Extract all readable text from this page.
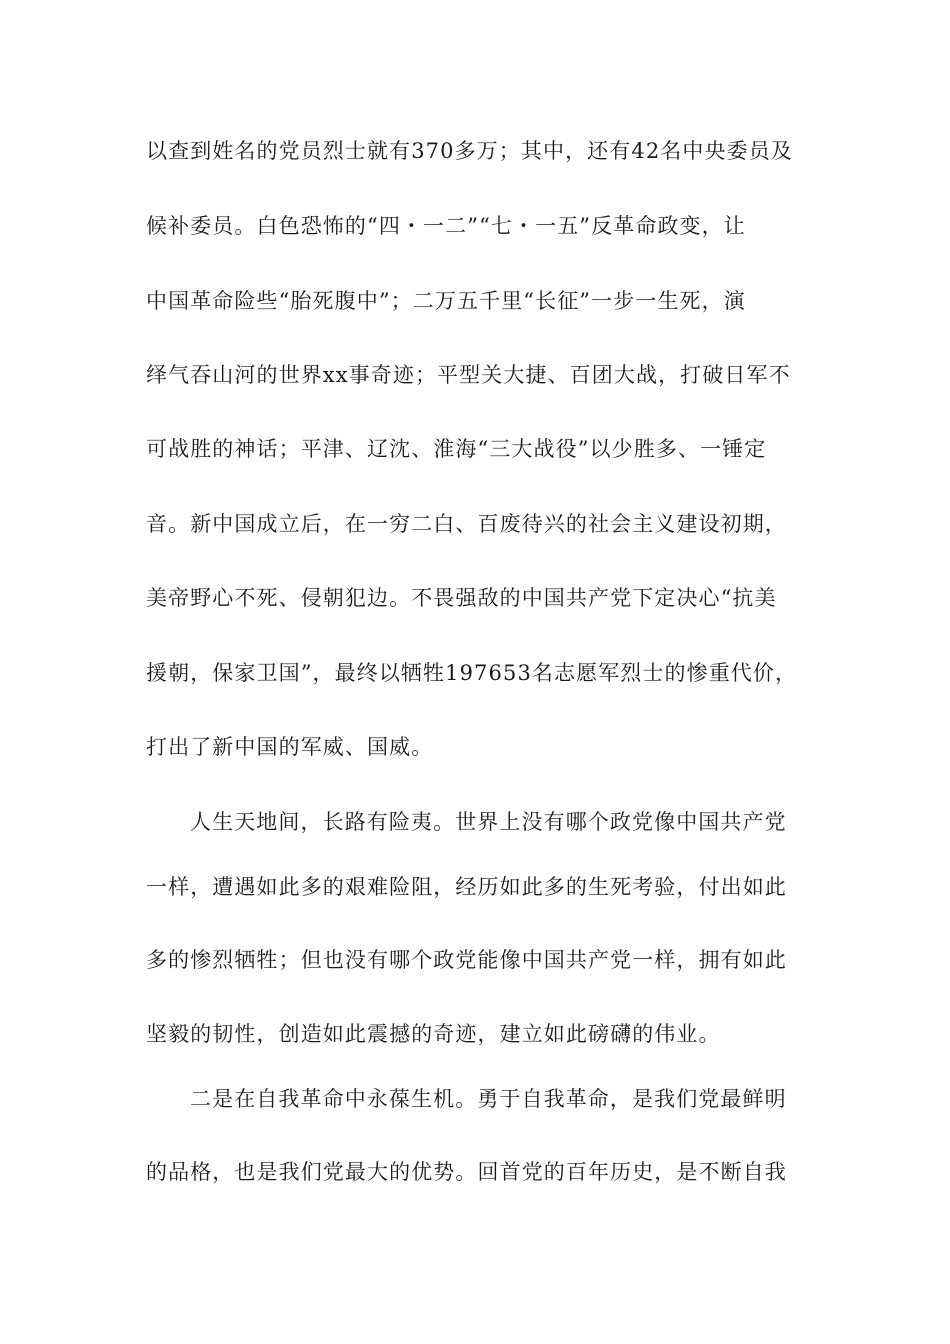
以查到姓名的党员烈士就有370多万；其中，还有42名中央委员及
候补委员。白色恐怖的“四・一二”“七・一五”反革命政变，让
中国革命险些“胎死腹中”；二万五千里“长征”一步一生死，演
绎气吞山河的世界xx事奇迹；平型关大捷、百团大战，打破日军不
可战胜的神话；平津、辽沈、淮海“三大战役”以少胜多、一锤定
音。新中国成立后，在一穷二白、百废待兴的社会主义建设初期，
美帝野心不死、侵朝犯边。不畏强敌的中国共产党下定决心“抗美
援朝，保家卫国”，最终以牺牲197653名志愿军烈士的惨重代价，
打出了新中国的军威、国威。
人生天地间，长路有险夷。世界上没有哪个政党像中国共产党
一样，遭遇如此多的艰难险阻，经历如此多的生死考验，付出如此
多的惨烈牺牲；但也没有哪个政党能像中国共产党一样，拥有如此
坚毅的韧性，创造如此震撼的奇迹，建立如此磅礴的伟业。
二是在自我革命中永葆生机。勇于自我革命，是我们党最鲜明
的品格，也是我们党最大的优势。回首党的百年历史，是不断自我
